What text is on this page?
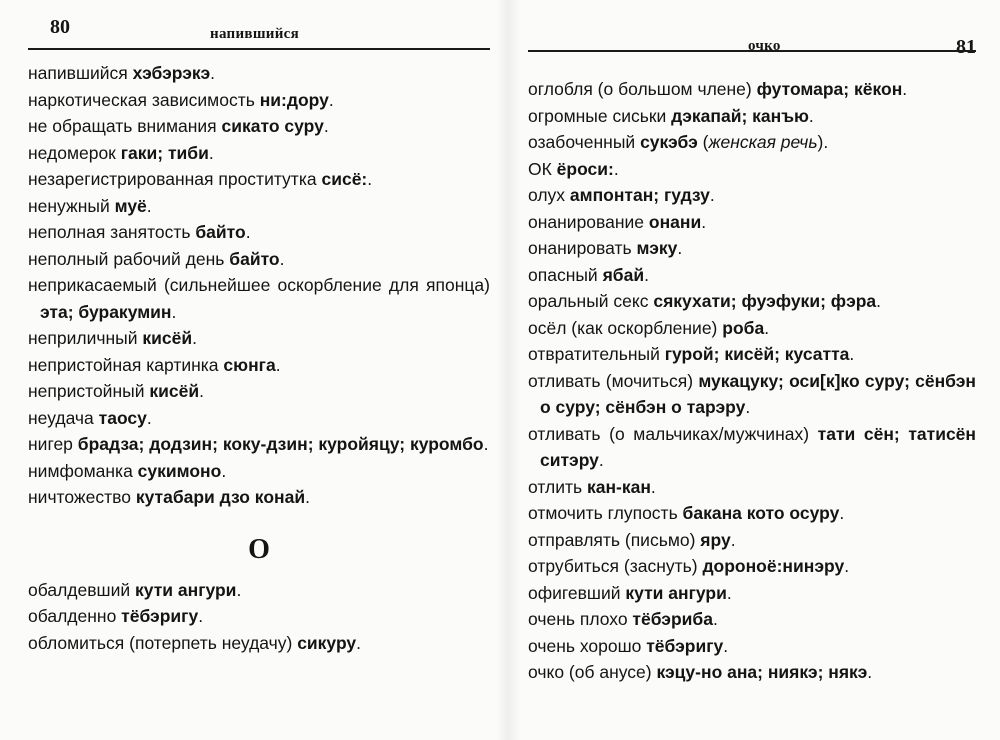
80	напившийся

напившийся хэбэрэкэ.

наркотическая зависимость ни:дору.

не обращать внимания сикато суру.

недомерок гаки; тиби.

незарегистрированная проститутка сисё:.

ненужный муё.

неполная занятость байто.

неполный рабочий день байто.

неприкасаемый (сильнейшее оскорбление для японца) эта; буракумин.

неприличный кисёй.

непристойная картинка сюнга.

непристойный кисёй.

неудача таосу.

нигер брадза; додзин; коку-дзин; куройяцу; куромбо.

нимфоманка сукимоно.

ничтожество кутабари дзо конай.

О

обалдевший кути ангури.

обалденно тёбэригу.

обломиться (потерпеть неудачу) сикуру.

очко	81

оглобля (о большом члене) футомара; кёкон.

огромные сиськи дэкапай; канъю.

озабоченный сукэбэ (женская речь).

ОК ёроси:.

олух ампонтан; гудзу.

онанирование онани.

онанировать мэку.

опасный ябай.

оральный секс сякухати; фуэфуки; фэра.

осёл (как оскорбление) роба.

отвратительный гурой; кисёй; кусатта.

отливать (мочиться) мукацуку; оси[к]ко суру; сёнбэн о суру; сёнбэн о тарэру.

отливать (о мальчиках/мужчинах) тати сён; татисён ситэру.

отлить кан-кан.

отмочить глупость бакана кото осуру.

отправлять (письмо) яру.

отрубиться (заснуть) дороноё:нинэру.

офигевший кути ангури.

очень плохо тёбэриба.

очень хорошо тёбэригу.

очко (об анусе) кэцу-но ана; ниякэ; някэ.
